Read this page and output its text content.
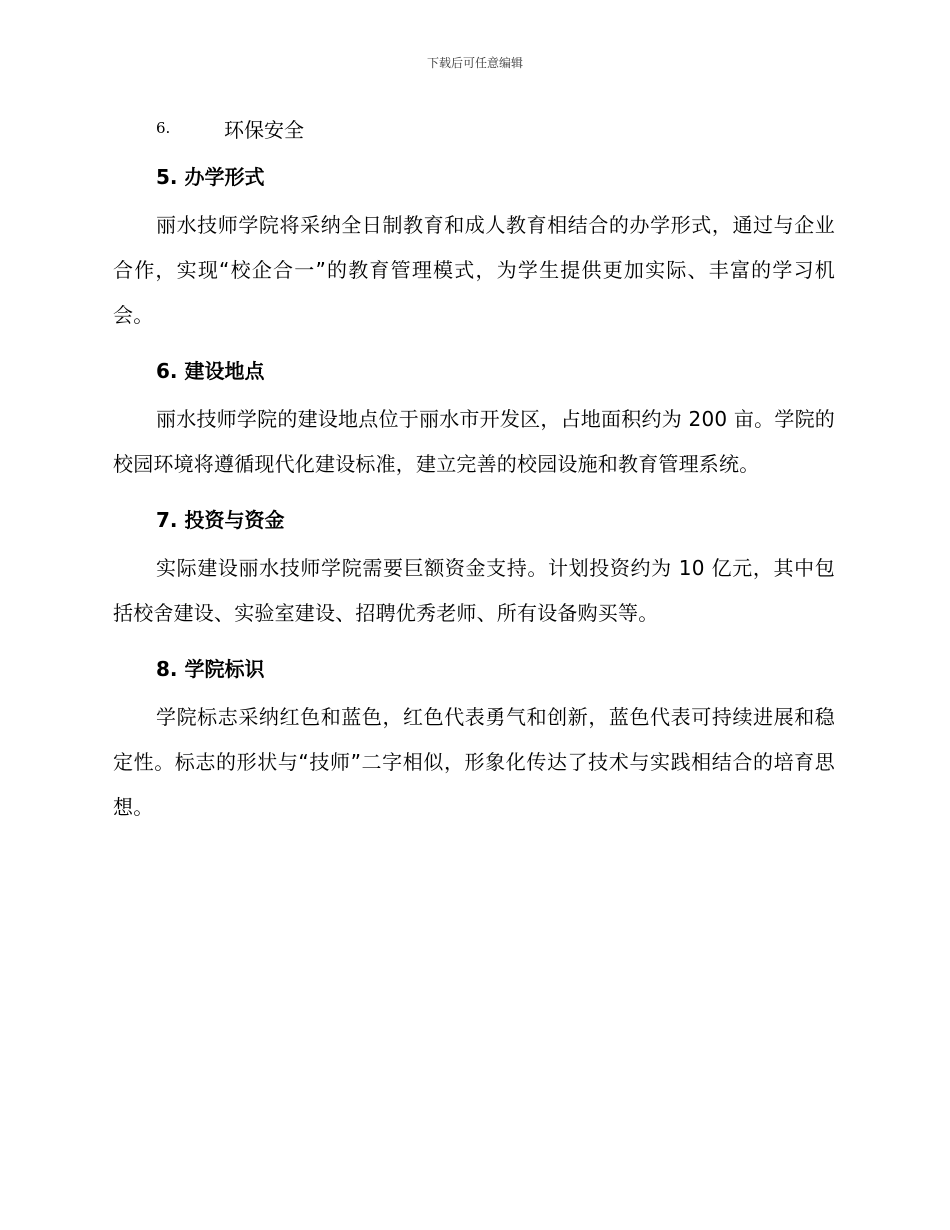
下载后可任意编辑
6.	环保安全
5. 办学形式

丽水技师学院将采纳全日制教育和成人教育相结合的办学形式，通过与企业合作，实现“校企合一”的教育管理模式，为学生提供更加实际、丰富的学习机会。

6. 建设地点

丽水技师学院的建设地点位于丽水市开发区，占地面积约为 200 亩。学院的校园环境将遵循现代化建设标准，建立完善的校园设施和教育管理系统。

7. 投资与资金

实际建设丽水技师学院需要巨额资金支持。计划投资约为 10 亿元，其中包括校舍建设、实验室建设、招聘优秀老师、所有设备购买等。

8. 学院标识

学院标志采纳红色和蓝色，红色代表勇气和创新，蓝色代表可持续进展和稳定性。标志的形状与“技师”二字相似，形象化传达了技术与实践相结合的培育思想。
